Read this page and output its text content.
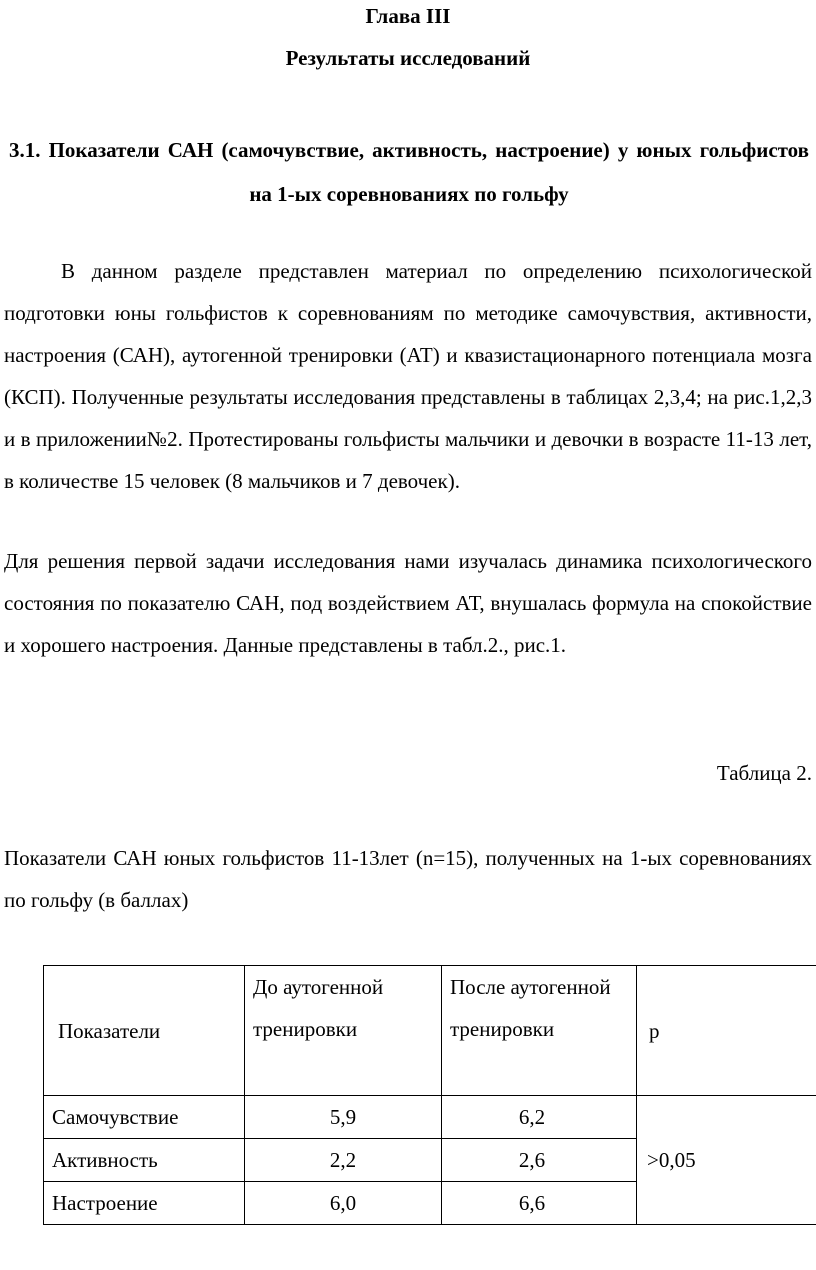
Глава III
Результаты исследований
3.1. Показатели САН (самочувствие, активность, настроение) у юных гольфистов на 1-ых соревнованиях по гольфу

В данном разделе представлен материал по определению психологической подготовки юны гольфистов к соревнованиям по методике самочувствия, активности, настроения (САН), аутогенной тренировки (АТ) и квазистационарного потенциала мозга (КСП). Полученные результаты исследования представлены в таблицах 2,3,4; на рис.1,2,3 и в приложении№2. Протестированы гольфисты мальчики и девочки в возрасте 11-13 лет, в количестве 15 человек (8 мальчиков и 7 девочек).

Для решения первой задачи исследования нами изучалась динамика психологического состояния по показателю САН, под воздействием АТ, внушалась формула на спокойствие и хорошего настроения. Данные представлены в табл.2., рис.1.

Таблица 2.

Показатели САН юных гольфистов 11-13лет (n=15), полученных на 1-ых соревнованиях по гольфу (в баллах)

Показатели	До аутогенной тренировки	После аутогенной тренировки	р
Самочувствие	5,9	6,2	>0,05
Активность	2,2	2,6	
Настроение	6,0	6,6	
